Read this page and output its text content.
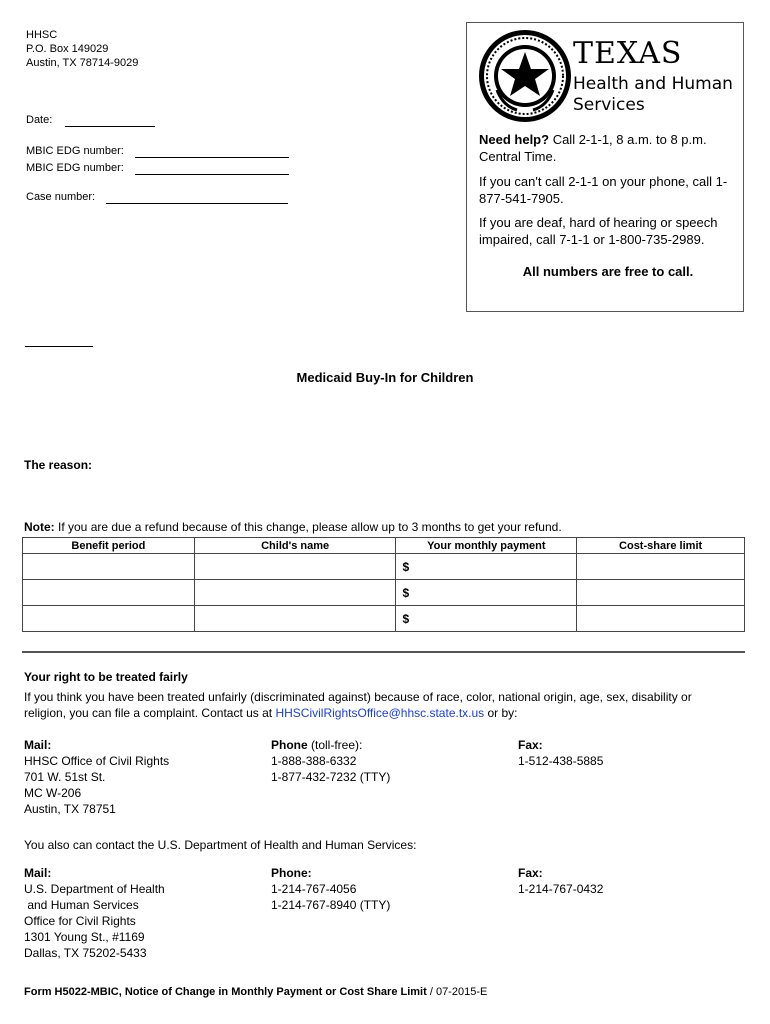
HHSC
P.O. Box 149029
Austin, TX 78714-9029
Date:
MBIC EDG number:
MBIC EDG number:
Case number:
TEXAS
Health and Human
Services
Need help? Call 2-1-1, 8 a.m. to 8 p.m. Central Time.
If you can't call 2-1-1 on your phone, call 1-877-541-7905.
If you are deaf, hard of hearing or speech impaired, call 7-1-1 or 1-800-735-2989.
All numbers are free to call.
Medicaid Buy-In for Children
The reason:
Note: If you are due a refund because of this change, please allow up to 3 months to get your refund.
Benefit period	Child's name	Your monthly payment	Cost-share limit
		$	
		$	
		$	
Your right to be treated fairly
If you think you have been treated unfairly (discriminated against) because of race, color, national origin, age, sex, disability or religion, you can file a complaint. Contact us at HHSCivilRightsOffice@hhsc.state.tx.us or by:
Mail:
HHSC Office of Civil Rights
701 W. 51st St.
MC W-206
Austin, TX 78751
Phone (toll-free):
1-888-388-6332
1-877-432-7232 (TTY)
Fax:
1-512-438-5885
You also can contact the U.S. Department of Health and Human Services:
Mail:
U.S. Department of Health
and Human Services
Office for Civil Rights
1301 Young St., #1169
Dallas, TX 75202-5433
Phone:
1-214-767-4056
1-214-767-8940 (TTY)
Fax:
1-214-767-0432
Form H5022-MBIC, Notice of Change in Monthly Payment or Cost Share Limit / 07-2015-E
